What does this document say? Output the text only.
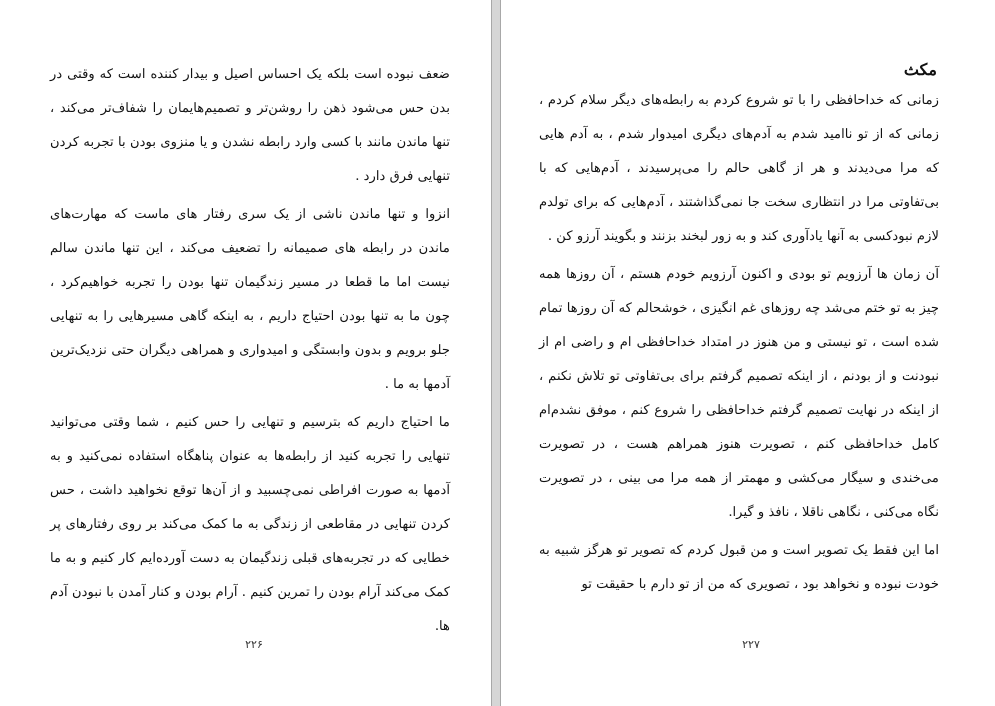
ضعف نبوده است بلکه یک احساس اصیل و بیدار کننده است که وقتی در بدن حس می‌شود ذهن را روشن‌تر و تصمیم‌هایمان را شفاف‌تر می‌کند ، تنها ماندن مانند با کسی وارد رابطه نشدن و یا منزوی بودن با تجربه کردن تنهایی فرق دارد .

انزوا و تنها ماندن ناشی از یک سری رفتار های ماست که مهارت‌های ماندن در رابطه های صمیمانه را تضعیف می‌کند ، این تنها ماندن سالم نیست اما ما قطعا در مسیر زندگیمان تنها بودن را تجربه خواهیم‌کرد ، چون ما به تنها بودن احتیاج داریم ، به اینکه گاهی مسیرهایی را به تنهایی جلو برویم و بدون وابستگی و امیدواری و همراهی دیگران حتی نزدیک‌ترین آدمها به ما .

ما احتیاج داریم که بترسیم و تنهایی را حس کنیم ، شما وقتی می‌توانید تنهایی را تجربه کنید از رابطه‌ها به عنوان پناهگاه استفاده نمی‌کنید و به آدمها به صورت افراطی نمی‌چسبید و از آن‌ها توقع نخواهید داشت ، حس کردن تنهایی در مقاطعی از زندگی به ما کمک می‌کند بر روی رفتارهای پر خطایی که در تجربه‌های قبلی زندگیمان به دست آورده‌ایم کار کنیم و به ما کمک می‌کند آرام بودن را تمرین کنیم . آرام بودن و کنار آمدن با نبودن آدم ها.

۲۲۶
مکث

زمانی که خداحافظی را با تو شروع کردم به رابطه‌های دیگر سلام کردم ، زمانی که از تو ناامید شدم به آدم‌های دیگری امیدوار شدم ، به آدم هایی که مرا می‌دیدند و هر از گاهی حالم را می‌پرسیدند ، آدم‌هایی که با بی‌تفاوتی مرا در انتظاری سخت جا نمی‌گذاشتند ، آدم‌هایی که برای تولدم لازم نبودکسی به آنها یادآوری کند و به زور لبخند بزنند و بگویند آرزو کن .

آن زمان ها آرزویم تو بودی و اکنون آرزویم خودم هستم ، آن روزها همه چیز به تو ختم می‌شد چه روزهای غم انگیزی ، خوشحالم که آن روزها تمام شده است ، تو نیستی و من هنوز در امتداد خداحافظی ام و راضی ام از نبودنت و از بودنم ، از اینکه تصمیم گرفتم برای بی‌تفاوتی تو تلاش نکنم ، از اینکه در نهایت تصمیم گرفتم خداحافظی را شروع کنم ، موفق نشدم‌ام کامل خداحافظی کنم ، تصویرت هنوز همراهم هست ، در تصویرت می‌خندی و سیگار می‌کشی و مهمتر از همه مرا می بینی ، در تصویرت نگاه می‌کنی ، نگاهی ناقلا ، نافذ و گیرا.

اما این فقط یک تصویر است و من قبول کردم که تصویر تو هرگز شبیه به خودت نبوده و نخواهد بود ، تصویری که من از تو دارم با حقیقت تو

۲۲۷
